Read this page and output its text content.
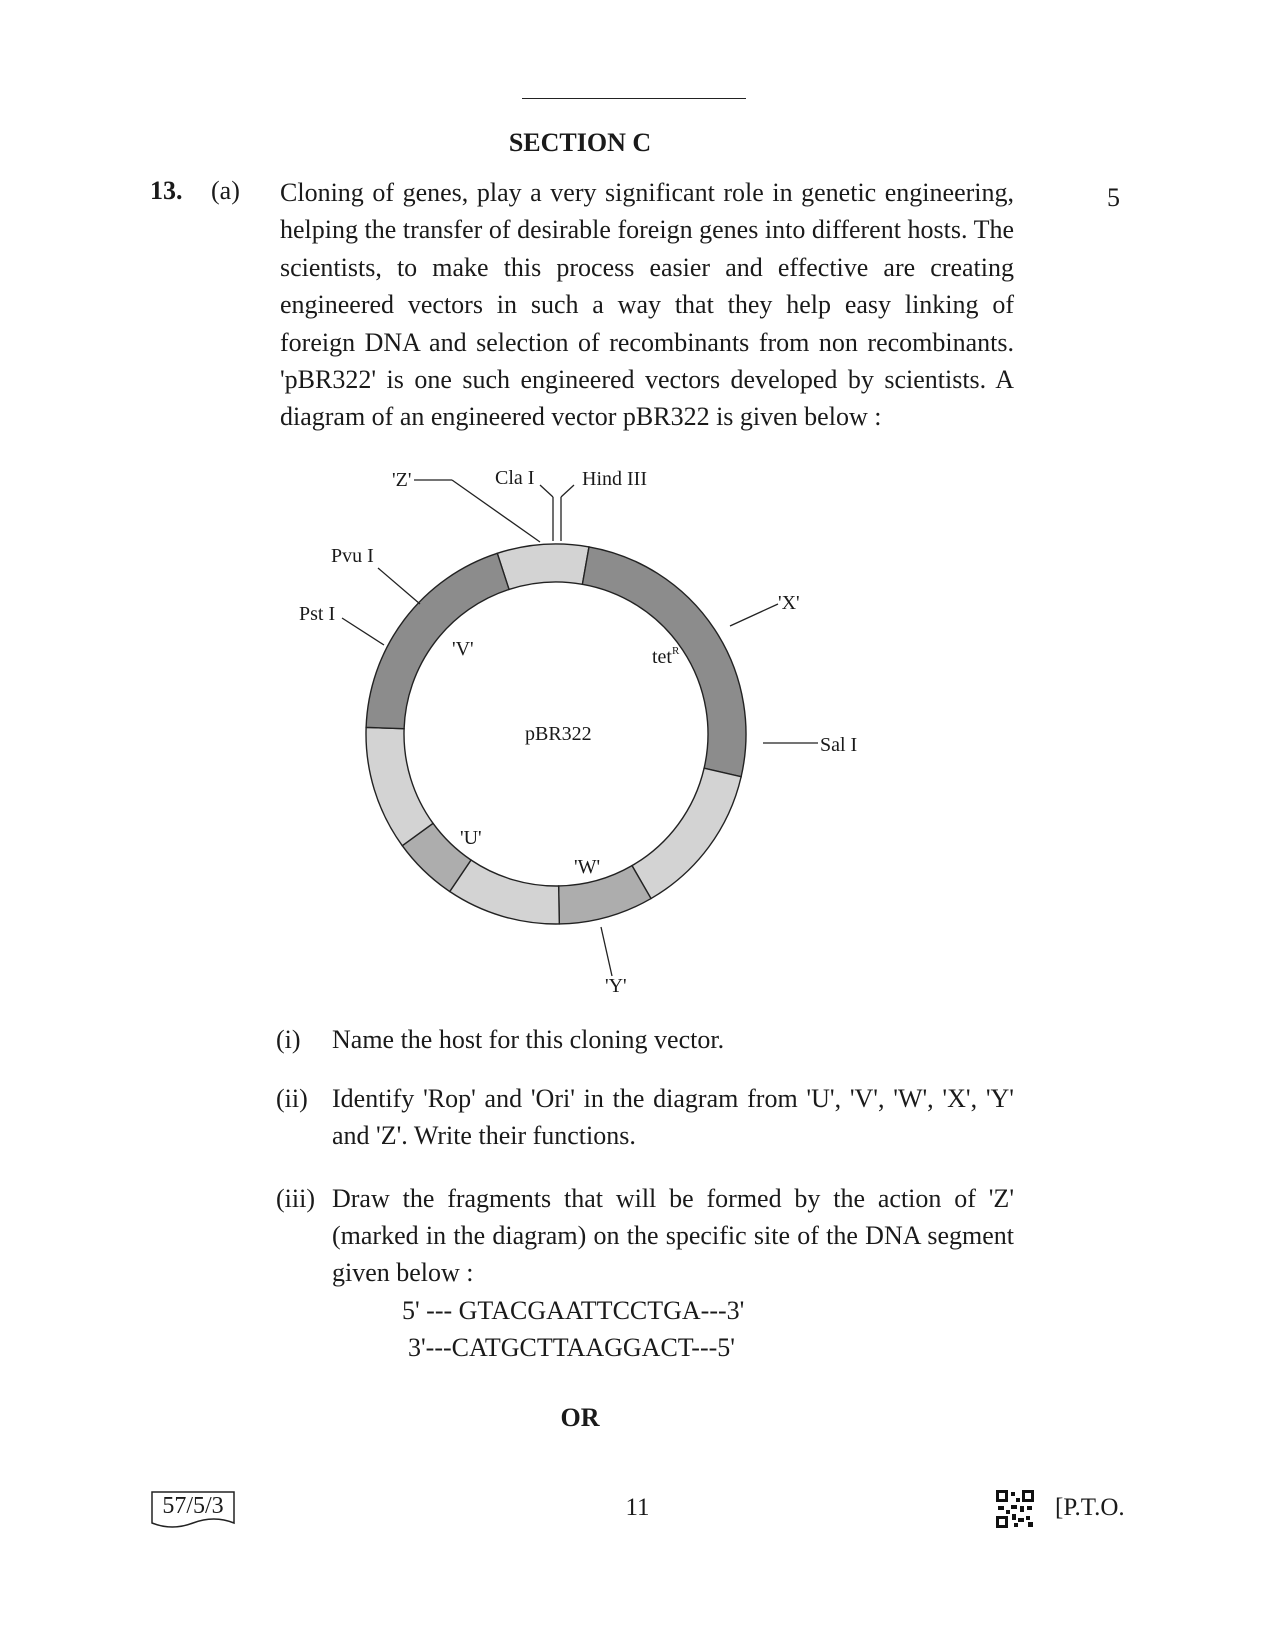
SECTION C
13. (a)	5
Cloning of genes, play a very significant role in genetic engineering, helping the transfer of desirable foreign genes into different hosts. The scientists, to make this process easier and effective are creating engineered vectors in such a way that they help easy linking of foreign DNA and selection of recombinants from non recombinants. 'pBR322' is one such engineered vectors developed by scientists. A diagram of an engineered vector pBR322 is given below :
'Z'	Cla I Hind III
Pvu I
Pst I	'X'
Sal I
'V'	tet$^R$
pBR322
'U'
'W'
'Y'
(i)	Name the host for this cloning vector.
(ii) Identify 'Rop' and 'Ori' in the diagram from 'U', 'V', 'W', 'X', 'Y' and 'Z'. Write their functions.
(iii) Draw the fragments that will be formed by the action of 'Z' (marked in the diagram) on the specific site of the DNA segment given below :
5' --- GTACGAATTCCTGA---3'
3'---CATGCTTAAGGACT---5'
OR
57/5/3	11	[P.T.O.
